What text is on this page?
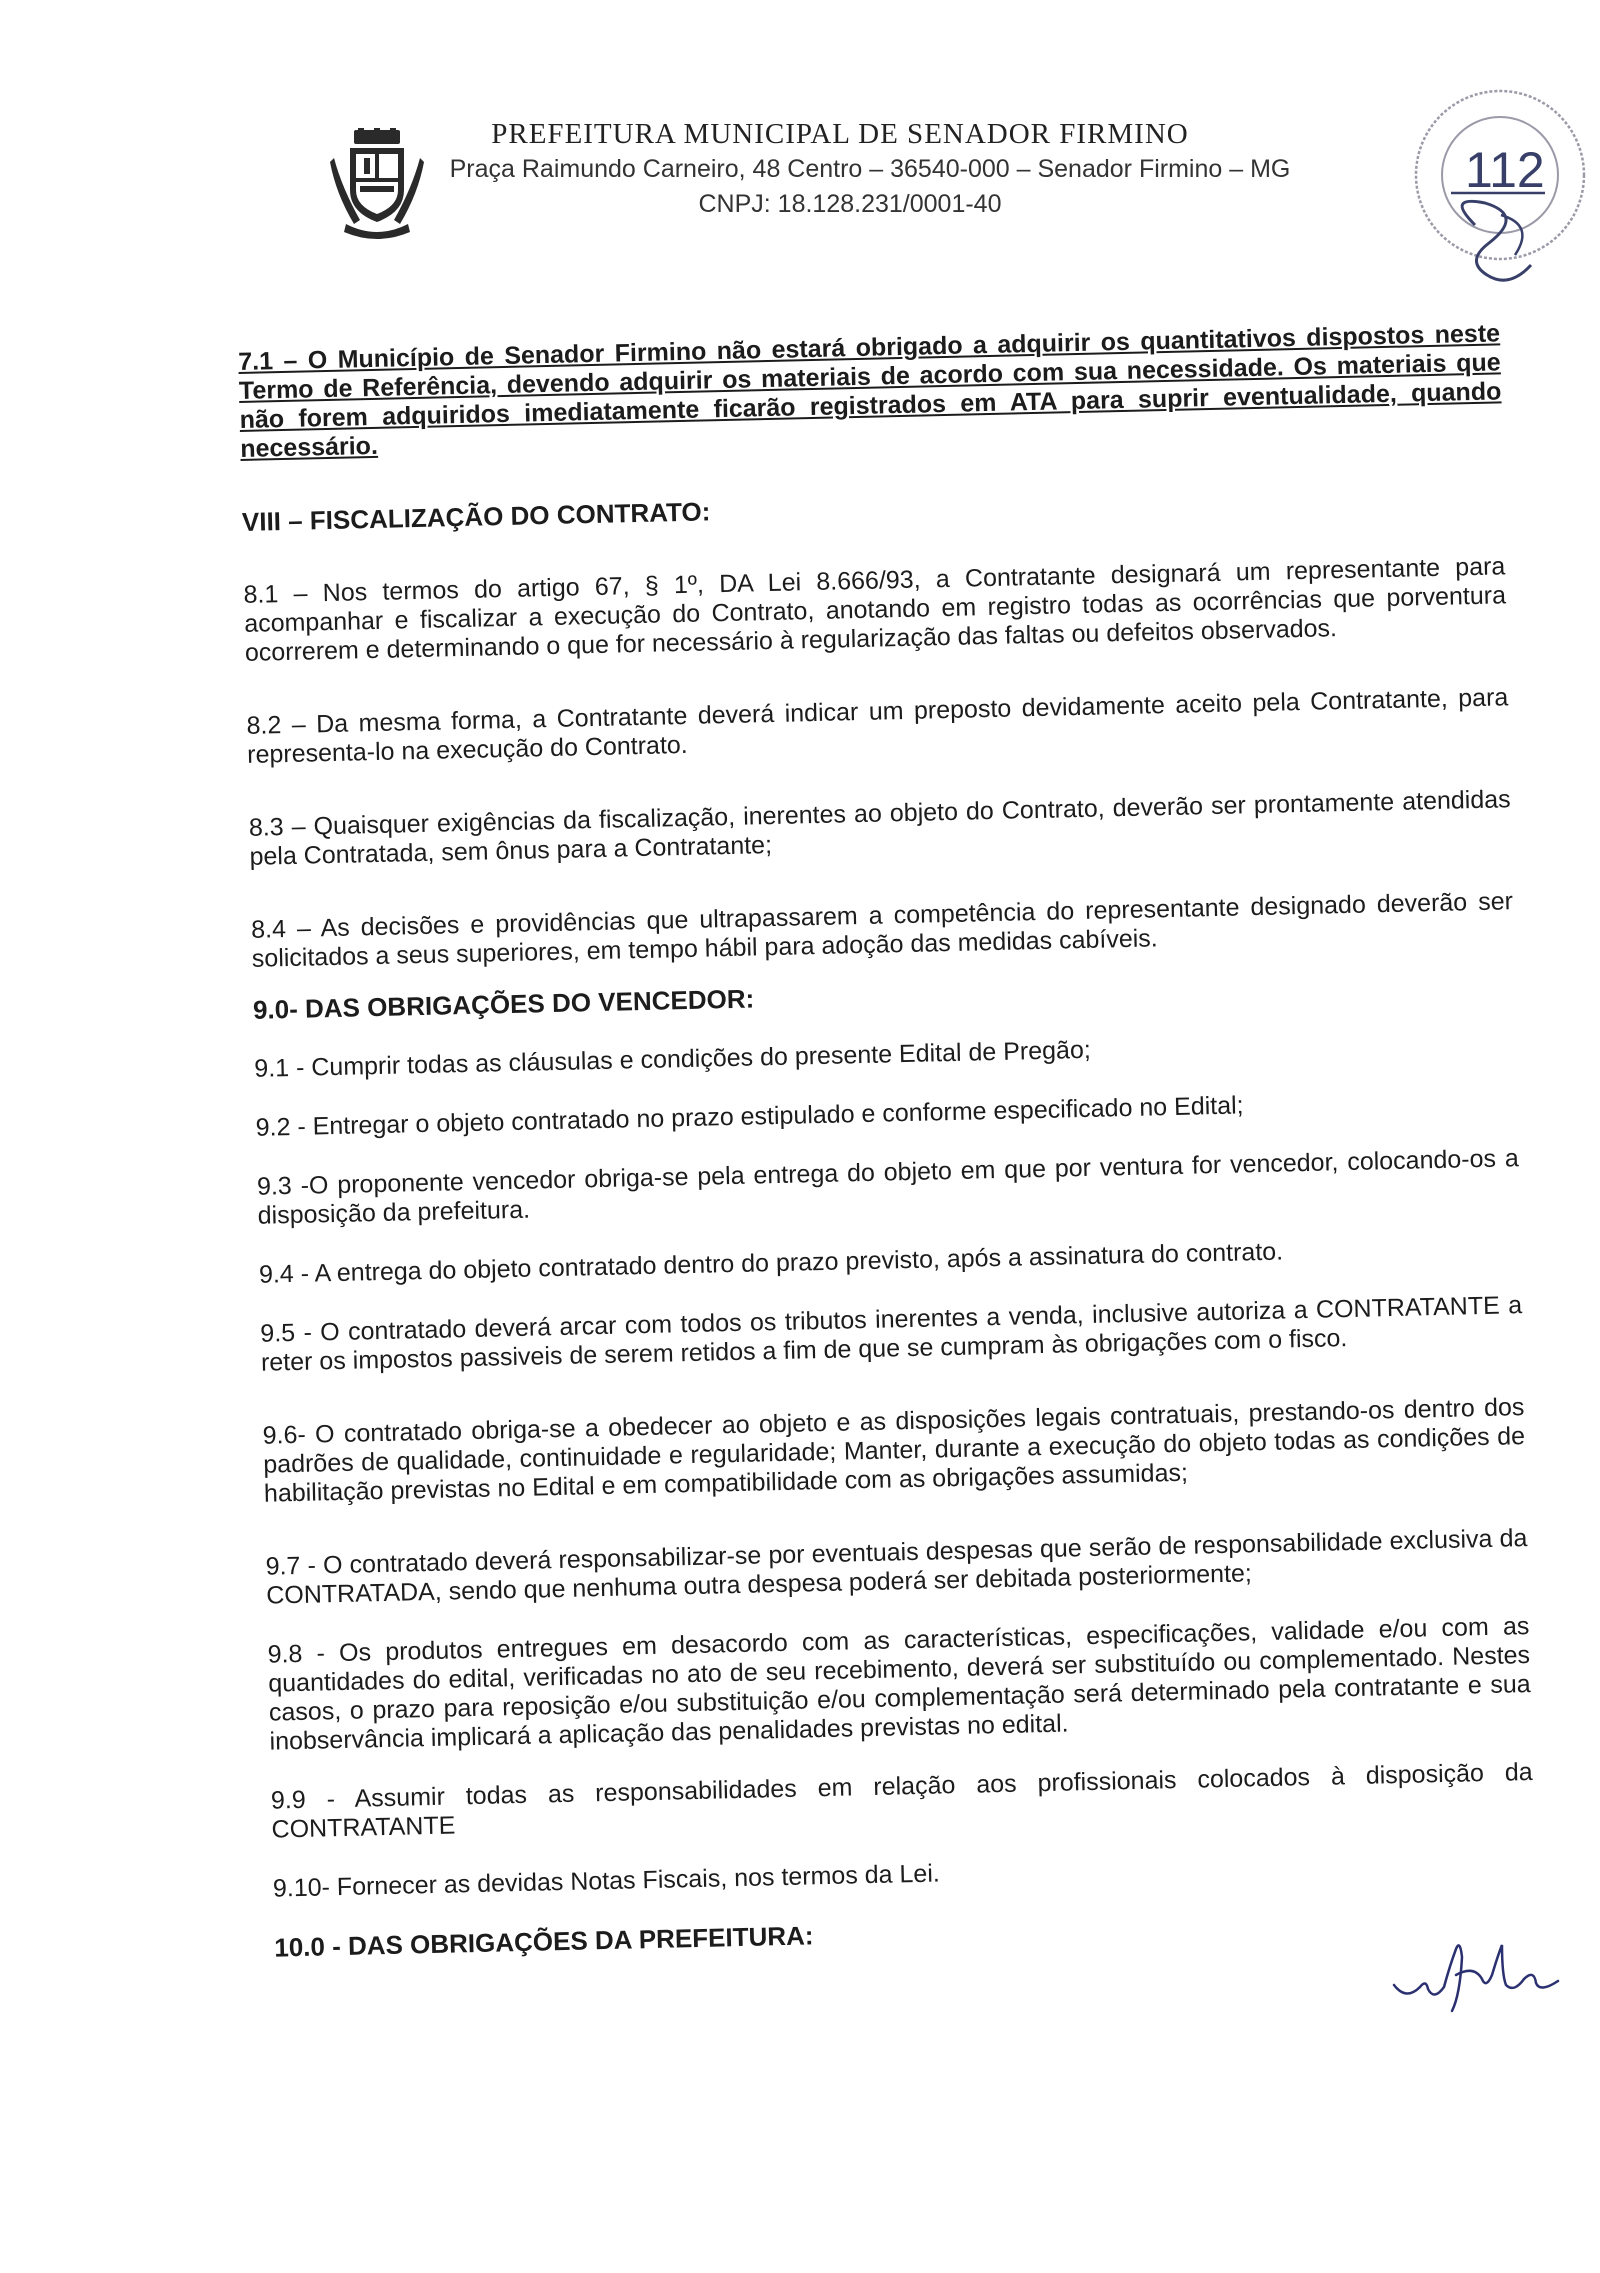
PREFEITURA MUNICIPAL DE SENADOR FIRMINO
Praça Raimundo Carneiro, 48 Centro – 36540-000 – Senador Firmino – MG
CNPJ: 18.128.231/0001-40
112

7.1 – O Município de Senador Firmino não estará obrigado a adquirir os quantitativos dispostos neste Termo de Referência, devendo adquirir os materiais de acordo com sua necessidade. Os materiais que não forem adquiridos imediatamente ficarão registrados em ATA para suprir eventualidade, quando necessário.

VIII – FISCALIZAÇÃO DO CONTRATO:

8.1 – Nos termos do artigo 67, § 1º, DA Lei 8.666/93, a Contratante designará um representante para acompanhar e fiscalizar a execução do Contrato, anotando em registro todas as ocorrências que porventura ocorrerem e determinando o que for necessário à regularização das faltas ou defeitos observados.

8.2 – Da mesma forma, a Contratante deverá indicar um preposto devidamente aceito pela Contratante, para representa-lo na execução do Contrato.

8.3 – Quaisquer exigências da fiscalização, inerentes ao objeto do Contrato, deverão ser prontamente atendidas pela Contratada, sem ônus para a Contratante;

8.4 – As decisões e providências que ultrapassarem a competência do representante designado deverão ser solicitados a seus superiores, em tempo hábil para adoção das medidas cabíveis.

9.0- DAS OBRIGAÇÕES DO VENCEDOR:

9.1 - Cumprir todas as cláusulas e condições do presente Edital de Pregão;

9.2 - Entregar o objeto contratado no prazo estipulado e conforme especificado no Edital;

9.3 -O proponente vencedor obriga-se pela entrega do objeto em que por ventura for vencedor, colocando-os a disposição da prefeitura.

9.4 - A entrega do objeto contratado dentro do prazo previsto, após a assinatura do contrato.

9.5 - O contratado deverá arcar com todos os tributos inerentes a venda, inclusive autoriza a CONTRATANTE a reter os impostos passiveis de serem retidos a fim de que se cumpram às obrigações com o fisco.

9.6- O contratado obriga-se a obedecer ao objeto e as disposições legais contratuais, prestando-os dentro dos padrões de qualidade, continuidade e regularidade; Manter, durante a execução do objeto todas as condições de habilitação previstas no Edital e em compatibilidade com as obrigações assumidas;

9.7 - O contratado deverá responsabilizar-se por eventuais despesas que serão de responsabilidade exclusiva da CONTRATADA, sendo que nenhuma outra despesa poderá ser debitada posteriormente;

9.8 - Os produtos entregues em desacordo com as características, especificações, validade e/ou com as quantidades do edital, verificadas no ato de seu recebimento, deverá ser substituído ou complementado. Nestes casos, o prazo para reposição e/ou substituição e/ou complementação será determinado pela contratante e sua inobservância implicará a aplicação das penalidades previstas no edital.

9.9 - Assumir todas as responsabilidades em relação aos profissionais colocados à disposição da CONTRATANTE

9.10- Fornecer as devidas Notas Fiscais, nos termos da Lei.

10.0 - DAS OBRIGAÇÕES DA PREFEITURA:
